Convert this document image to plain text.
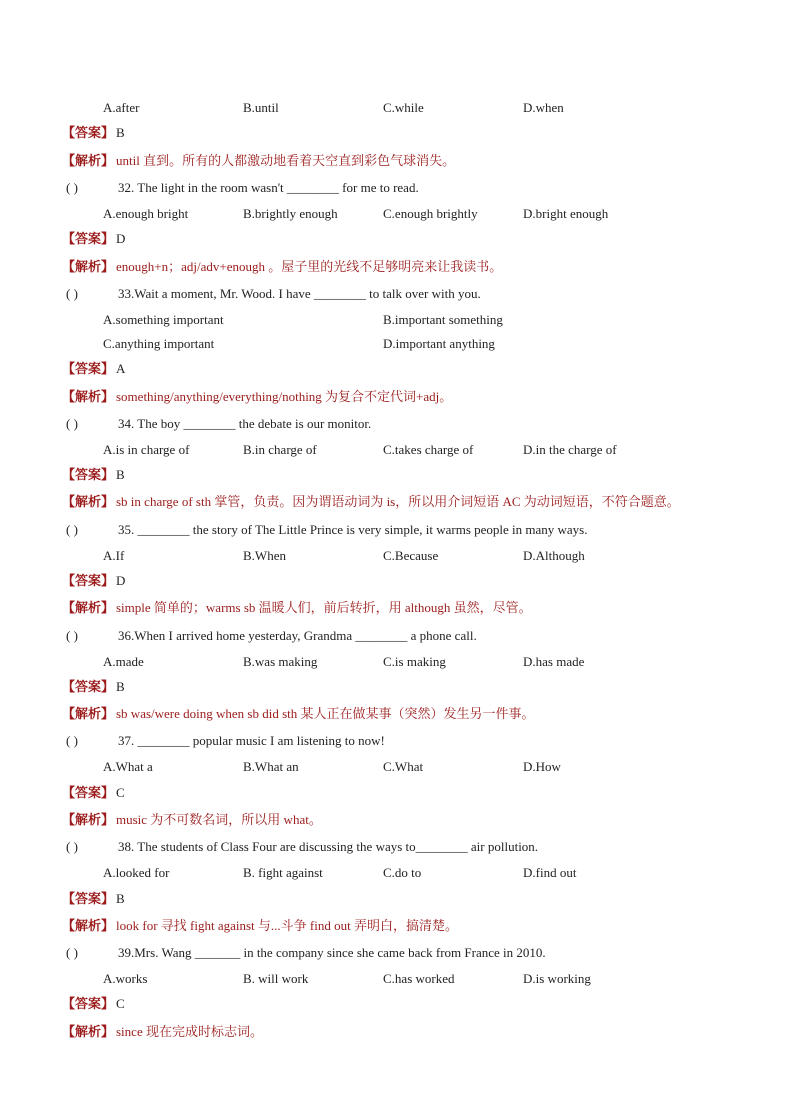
A.after	B.until	C.while	D.when
【答案】 B
【解析】 until 直到。所有的人都激动地看着天空直到彩色气球消失。
( )	32. The light in the room wasn't ________ for me to read.
A.enough bright	B.brightly enough	C.enough brightly	D.bright enough
【答案】 D
【解析】 enough+n；adj/adv+enough 。屋子里的光线不足够明亮来让我读书。
( )	33.Wait a moment, Mr. Wood. I have ________ to talk over with you.
A.something important	B.important something
C.anything important	D.important anything
【答案】 A
【解析】 something/anything/everything/nothing 为复合不定代词+adj。
( )	34. The boy ________ the debate is our monitor.
A.is in charge of	B.in charge of	C.takes charge of	D.in the charge of
【答案】 B
【解析】 sb in charge of sth 掌管，负责。因为谓语动词为 is，所以用介词短语 AC 为动词短语，不符合题意。
( )	35. ________ the story of The Little Prince is very simple, it warms people in many ways.
A.If	B.When	C.Because	D.Although
【答案】 D
【解析】 simple 简单的；warms sb 温暖人们，前后转折，用 although 虽然，尽管。
( )	36.When I arrived home yesterday, Grandma ________ a phone call.
A.made	B.was making	C.is making	D.has made
【答案】 B
【解析】 sb was/were doing when sb did sth 某人正在做某事（突然）发生另一件事。
( )	37. ________ popular music I am listening to now!
A.What a	B.What an	C.What	D.How
【答案】 C
【解析】 music 为不可数名词，所以用 what。
( )	38. The students of Class Four are discussing the ways to________ air pollution.
A.looked for	B. fight against	C.do to	D.find out
【答案】 B
【解析】 look for 寻找 fight against 与...斗争 find out 弄明白，搞清楚。
( )	39.Mrs. Wang _______ in the company since she came back from France in 2010.
A.works	B. will work	C.has worked	D.is working
【答案】 C
【解析】 since 现在完成时标志词。
